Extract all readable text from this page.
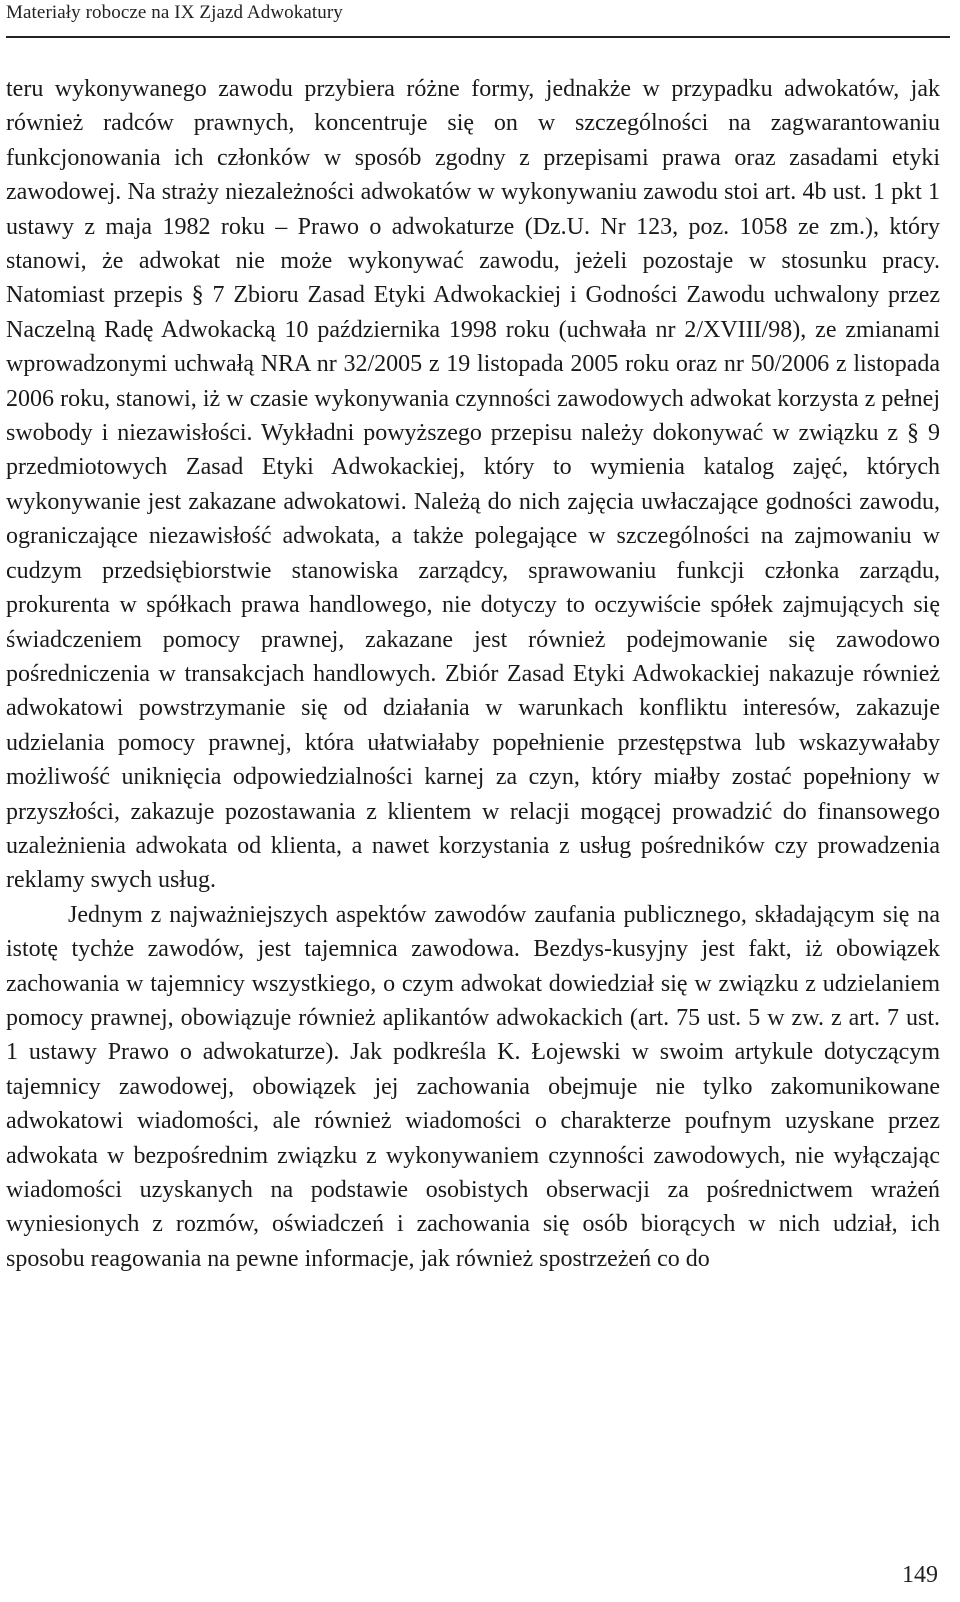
Materiały robocze na IX Zjazd Adwokatury

teru wykonywanego zawodu przybiera różne formy, jednakże w przypadku adwokatów, jak również radców prawnych, koncentruje się on w szczególności na zagwarantowaniu funkcjonowania ich członków w sposób zgodny z przepisami prawa oraz zasadami etyki zawodowej. Na straży niezależności adwokatów w wykonywaniu zawodu stoi art. 4b ust. 1 pkt 1 ustawy z maja 1982 roku – Prawo o adwokaturze (Dz.U. Nr 123, poz. 1058 ze zm.), który stanowi, że adwokat nie może wykonywać zawodu, jeżeli pozostaje w stosunku pracy. Natomiast przepis § 7 Zbioru Zasad Etyki Adwokackiej i Godności Zawodu uchwalony przez Naczelną Radę Adwokacką 10 października 1998 roku (uchwała nr 2/XVIII/98), ze zmianami wprowadzonymi uchwałą NRA nr 32/2005 z 19 listopada 2005 roku oraz nr 50/2006 z listopada 2006 roku, stanowi, iż w czasie wykonywania czynności zawodowych adwokat korzysta z pełnej swobody i niezawisłości. Wykładni powyższego przepisu należy dokonywać w związku z § 9 przedmiotowych Zasad Etyki Adwokackiej, który to wymienia katalog zajęć, których wykonywanie jest zakazane adwokatowi. Należą do nich zajęcia uwłaczające godności zawodu, ograniczające niezawisłość adwokata, a także polegające w szczególności na zajmowaniu w cudzym przedsiębiorstwie stanowiska zarządcy, sprawowaniu funkcji członka zarządu, prokurenta w spółkach prawa handlowego, nie dotyczy to oczywiście spółek zajmujących się świadczeniem pomocy prawnej, zakazane jest również podejmowanie się zawodowo pośredniczenia w transakcjach handlowych. Zbiór Zasad Etyki Adwokackiej nakazuje również adwokatowi powstrzymanie się od działania w warunkach konfliktu interesów, zakazuje udzielania pomocy prawnej, która ułatwiałaby popełnienie przestępstwa lub wskazywałaby możliwość uniknięcia odpowiedzialności karnej za czyn, który miałby zostać popełniony w przyszłości, zakazuje pozostawania z klientem w relacji mogącej prowadzić do finansowego uzależnienia adwokata od klienta, a nawet korzystania z usług pośredników czy prowadzenia reklamy swych usług.

Jednym z najważniejszych aspektów zawodów zaufania publicznego, składającym się na istotę tychże zawodów, jest tajemnica zawodowa. Bezdys-kusyjny jest fakt, iż obowiązek zachowania w tajemnicy wszystkiego, o czym adwokat dowiedział się w związku z udzielaniem pomocy prawnej, obowiązuje również aplikantów adwokackich (art. 75 ust. 5 w zw. z art. 7 ust. 1 ustawy Prawo o adwokaturze). Jak podkreśla K. Łojewski w swoim artykule dotyczącym tajemnicy zawodowej, obowiązek jej zachowania obejmuje nie tylko zakomunikowane adwokatowi wiadomości, ale również wiadomości o charakterze poufnym uzyskane przez adwokata w bezpośrednim związku z wykonywaniem czynności zawodowych, nie wyłączając wiadomości uzyskanych na podstawie osobistych obserwacji za pośrednictwem wrażeń wyniesionych z rozmów, oświadczeń i zachowania się osób biorących w nich udział, ich sposobu reagowania na pewne informacje, jak również spostrzeżeń co do

149
